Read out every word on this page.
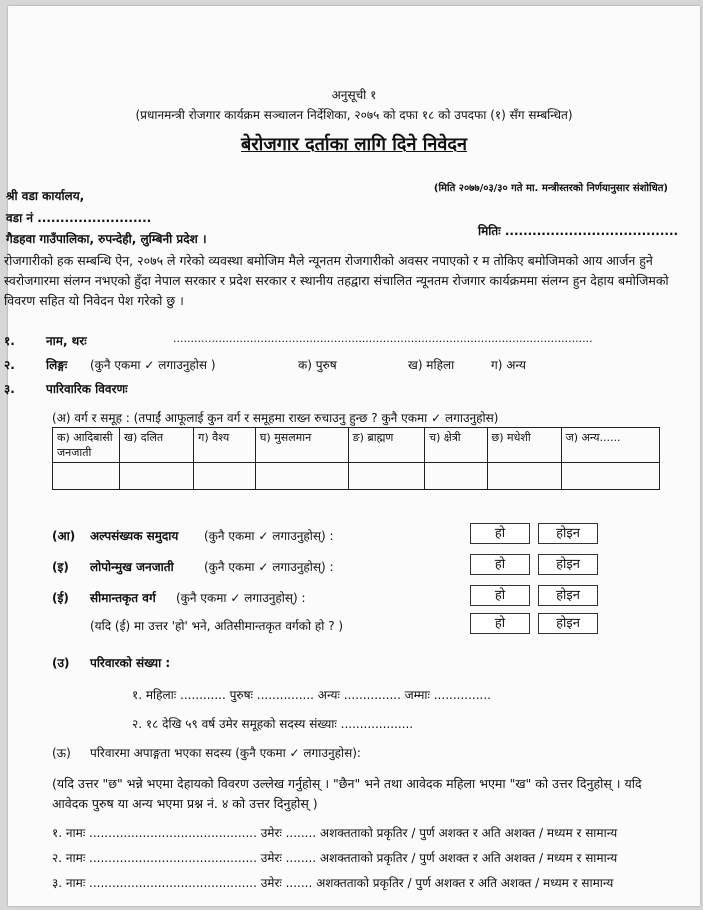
अनुसूची १
(प्रधानमन्त्री रोजगार कार्यक्रम सञ्चालन निर्देशिका, २०७५ को दफा १८ को उपदफा (१) सँग सम्बन्धित)
बेरोजगार दर्ताका लागि दिने निवेदन
(मिति २०७७/०३/३० गते मा. मन्त्रीस्तरको निर्णयानुसार संशोधित)
श्री वडा कार्यालय,
वडा नं .........................
गैडहवा गाउँपालिका, रुपन्देही, लुम्बिनी प्रदेश ।
मितिः ......................................
रोजगारीको हक सम्बन्धि ऐन, २०७५ ले गरेको व्यवस्था बमोजिम मैले न्यूनतम रोजगारीको अवसर नपाएको र म तोकिए बमोजिमको आय आर्जन हुने स्वरोजगारमा संलग्न नभएको हुँदा नेपाल सरकार र प्रदेश सरकार र स्थानीय तहद्वारा संचालित न्यूनतम रोजगार कार्यक्रममा संलग्न हुन देहाय बमोजिमको विवरण सहित यो निवेदन पेश गरेको छु ।
१.	नाम, थरः	........................................................................................................................
२.	लिङ्गः (कुनै एकमा ✓ लगाउनुहोस )	क) पुरुष	ख) महिला	ग) अन्य
३.	पारिवारिक विवरणः
(अ) वर्ग र समूह : (तपाईं आफूलाई कुन वर्ग र समूहमा राख्न रुचाउनु हुन्छ ? कुनै एकमा ✓ लगाउनुहोस)
क) आदिबासी जनजाती	ख) दलित	ग) वैश्य	घ) मुसलमान	ङ) ब्राह्मण	च) क्षेत्री	छ) मधेशी	ज) अन्य......

(आ) अल्पसंख्यक समुदाय (कुनै एकमा ✓ लगाउनुहोस्) :	हो	होइन
(इ) लोपोन्मुख जनजाती	(कुनै एकमा ✓ लगाउनुहोस्) :	हो	होइन
(ई) सीमान्तकृत वर्ग (कुनै एकमा ✓ लगाउनुहोस्) :	हो	होइन
(यदि (ई) मा उत्तर 'हो' भने, अतिसीमान्तकृत वर्गको हो ? )	हो	होइन
(उ) परिवारको संख्या :
१. महिलाः ............ पुरुषः ............... अन्यः ............... जम्माः ...............
२. १८ देखि ५९ वर्ष उमेर समूहको सदस्य संख्याः ...................
(ऊ) परिवारमा अपाङ्गता भएका सदस्य (कुनै एकमा ✓ लगाउनुहोस):
(यदि उत्तर "छ" भन्ने भएमा देहायको विवरण उल्लेख गर्नुहोस् । "छैन" भने तथा आवेदक महिला भएमा "ख" को उत्तर दिनुहोस् । यदि आवेदक पुरुष या अन्य भएमा प्रश्न नं. ४ को उत्तर दिनुहोस् )
१. नामः ............................................ उमेरः ........ अशक्तताको प्रकृतिर / पुर्ण अशक्त र अति अशक्त / मध्यम र सामान्य
२. नामः ............................................ उमेरः ........ अशक्तताको प्रकृतिर / पुर्ण अशक्त र अति अशक्त / मध्यम र सामान्य
३. नामः ............................................ उमेरः ....... अशक्तताको प्रकृतिर / पुर्ण अशक्त र अति अशक्त / मध्यम र सामान्य
